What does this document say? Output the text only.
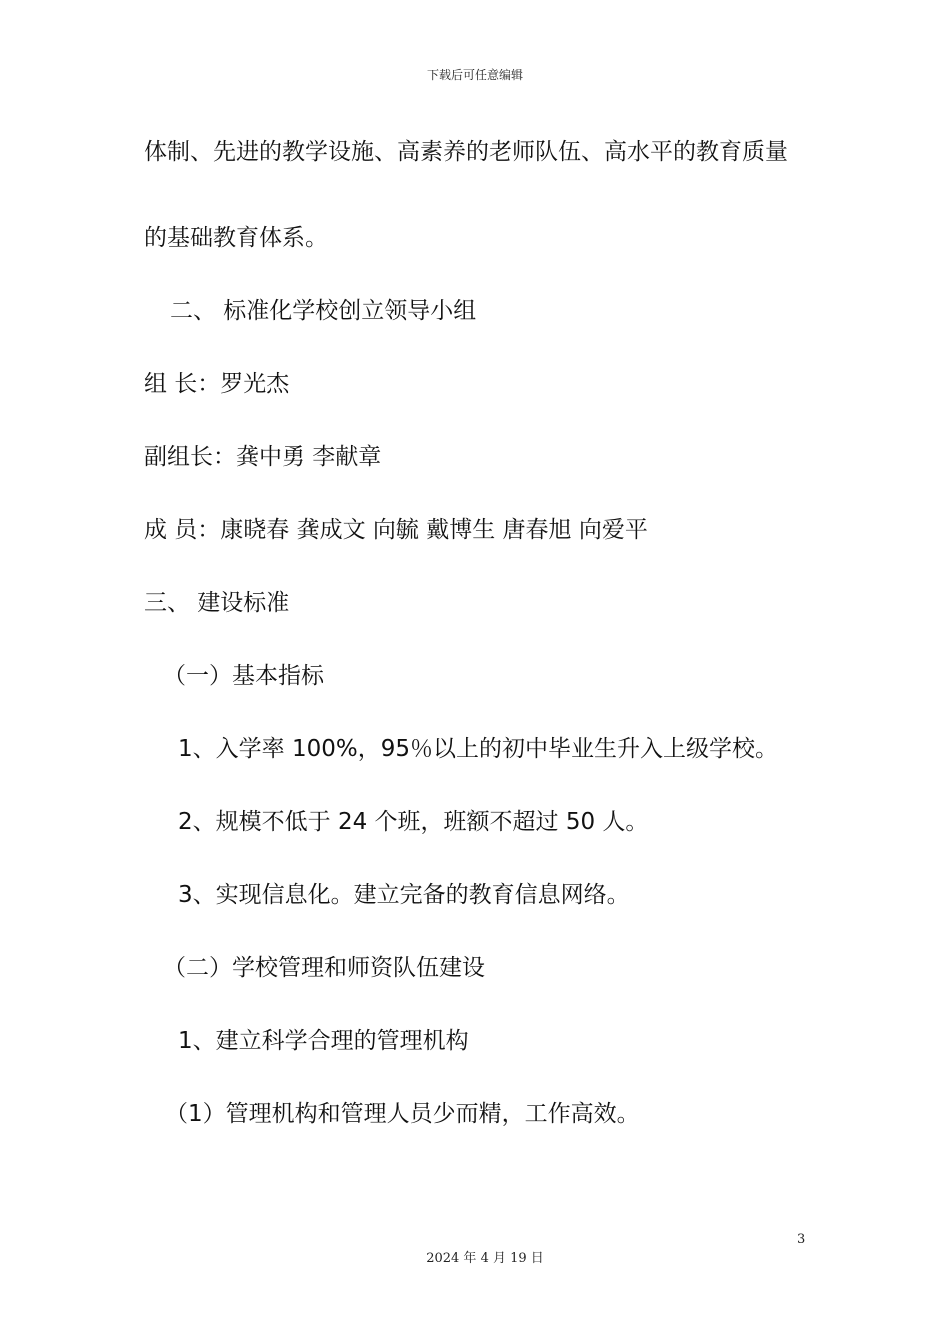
下载后可任意编辑
体制、先进的教学设施、高素养的老师队伍、高水平的教育质量
的基础教育体系。
二、 标准化学校创立领导小组
组 长：罗光杰
副组长：龚中勇 李献章
成 员：康晓春 龚成文 向毓 戴博生 唐春旭 向爱平
三、 建设标准
（一）基本指标
1、入学率 100%，95％以上的初中毕业生升入上级学校。
2、规模不低于 24 个班，班额不超过 50 人。
3、实现信息化。建立完备的教育信息网络。
（二）学校管理和师资队伍建设
1、建立科学合理的管理机构
（1）管理机构和管理人员少而精，工作高效。
3
2024 年 4 月 19 日
